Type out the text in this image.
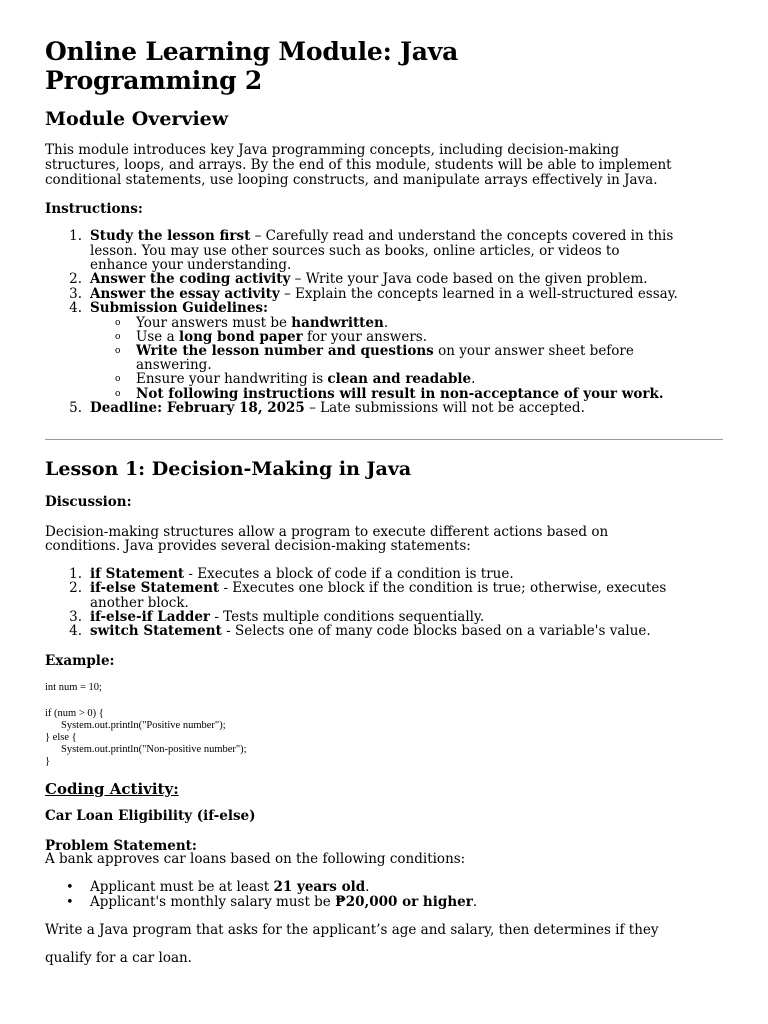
Online Learning Module: Java
Programming 2
Module Overview
This module introduces key Java programming concepts, including decision-making
structures, loops, and arrays. By the end of this module, students will be able to implement
conditional statements, use looping constructs, and manipulate arrays effectively in Java.
Instructions:
1. Study the lesson first – Carefully read and understand the concepts covered in this
lesson. You may use other sources such as books, online articles, or videos to
enhance your understanding.
2. Answer the coding activity – Write your Java code based on the given problem.
3. Answer the essay activity – Explain the concepts learned in a well-structured essay.
4. Submission Guidelines:
o Your answers must be handwritten.
o Use a long bond paper for your answers.
o Write the lesson number and questions on your answer sheet before
answering.
o Ensure your handwriting is clean and readable.
o Not following instructions will result in non-acceptance of your work.
5. Deadline: February 18, 2025 – Late submissions will not be accepted.
Lesson 1: Decision-Making in Java
Discussion:
Decision-making structures allow a program to execute different actions based on
conditions. Java provides several decision-making statements:
1. if Statement - Executes a block of code if a condition is true.
2. if-else Statement - Executes one block if the condition is true; otherwise, executes
another block.
3. if-else-if Ladder - Tests multiple conditions sequentially.
4. switch Statement - Selects one of many code blocks based on a variable's value.
Example:
int num = 10;
if (num > 0) {
System.out.println("Positive number");
} else {
System.out.println("Non-positive number");
}
Coding Activity:
Car Loan Eligibility (if-else)
Problem Statement:
A bank approves car loans based on the following conditions:
• Applicant must be at least 21 years old.
• Applicant's monthly salary must be ₱20,000 or higher.
Write a Java program that asks for the applicant’s age and salary, then determines if they
qualify for a car loan.
